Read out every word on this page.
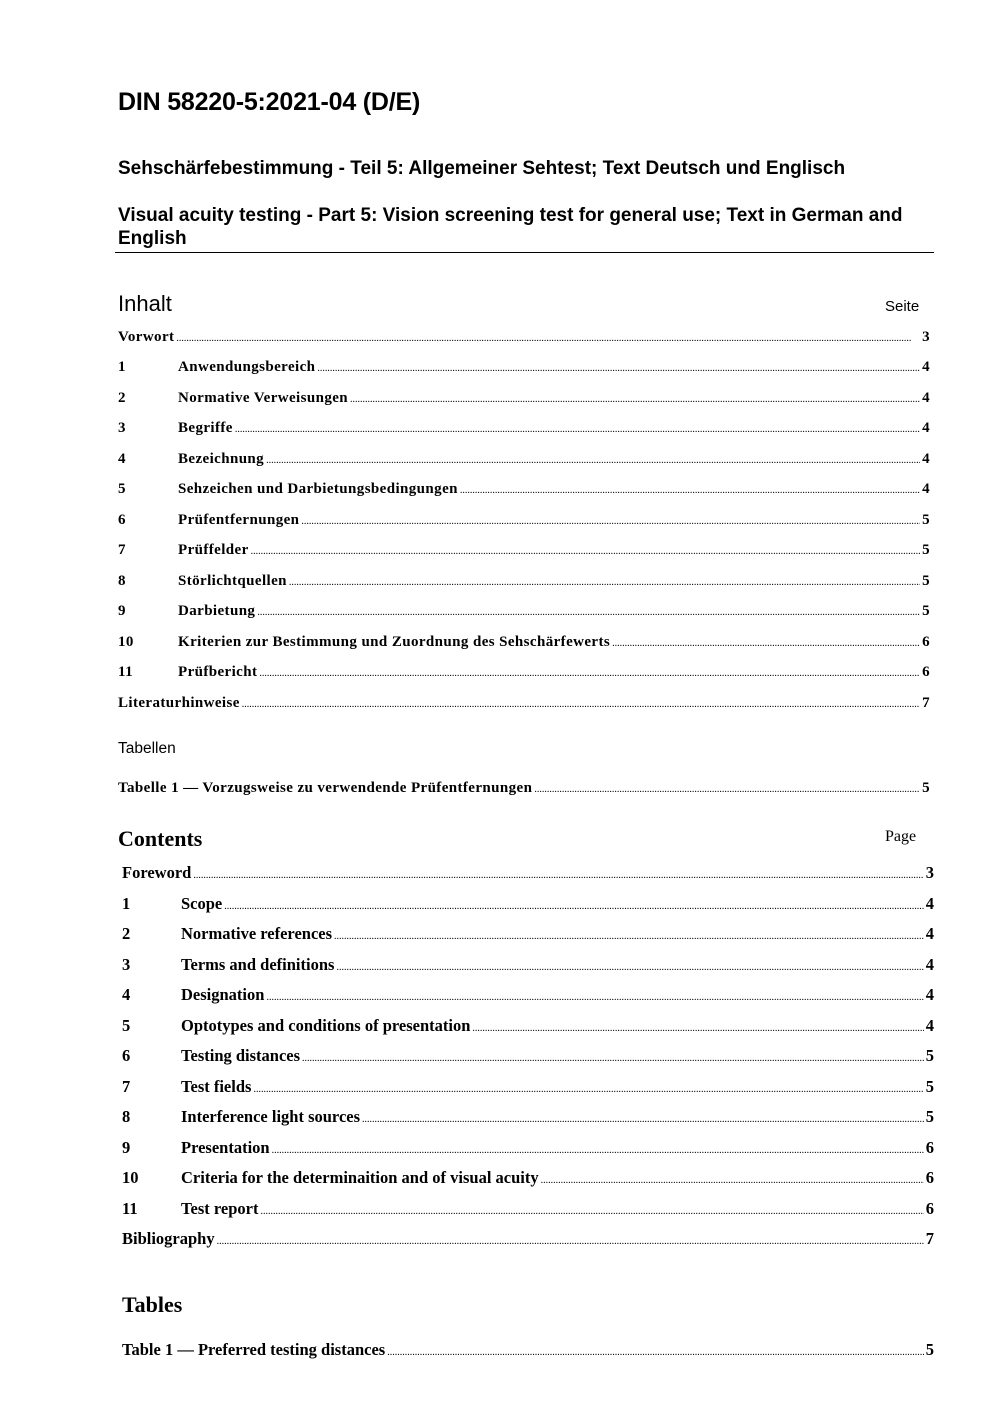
DIN 58220-5:2021-04 (D/E)
Sehschärfebestimmung - Teil 5: Allgemeiner Sehtest; Text Deutsch und Englisch
Visual acuity testing - Part 5: Vision screening test for general use; Text in German and English
Inhalt	Seite
Vorwort .....	3
1	Anwendungsbereich .....	4
2	Normative Verweisungen .....	4
3	Begriffe .....	4
4	Bezeichnung .....	4
5	Sehzeichen und Darbietungsbedingungen .....	4
6	Prüfentfernungen .....	5
7	Prüffelder .....	5
8	Störlichtquellen .....	5
9	Darbietung .....	5
10	Kriterien zur Bestimmung und Zuordnung des Sehschärfewerts .....	6
11	Prüfbericht .....	6
Literaturhinweise .....	7
Tabellen
Tabelle 1 — Vorzugsweise zu verwendende Prüfentfernungen .....	5
Contents	Page
Foreword .....	3
1	Scope .....	4
2	Normative references .....	4
3	Terms and definitions .....	4
4	Designation .....	4
5	Optotypes and conditions of presentation .....	4
6	Testing distances .....	5
7	Test fields .....	5
8	Interference light sources .....	5
9	Presentation .....	6
10	Criteria for the determinaition and of visual acuity .....	6
11	Test report .....	6
Bibliography .....	7
Tables
Table 1 — Preferred testing distances .....	5
